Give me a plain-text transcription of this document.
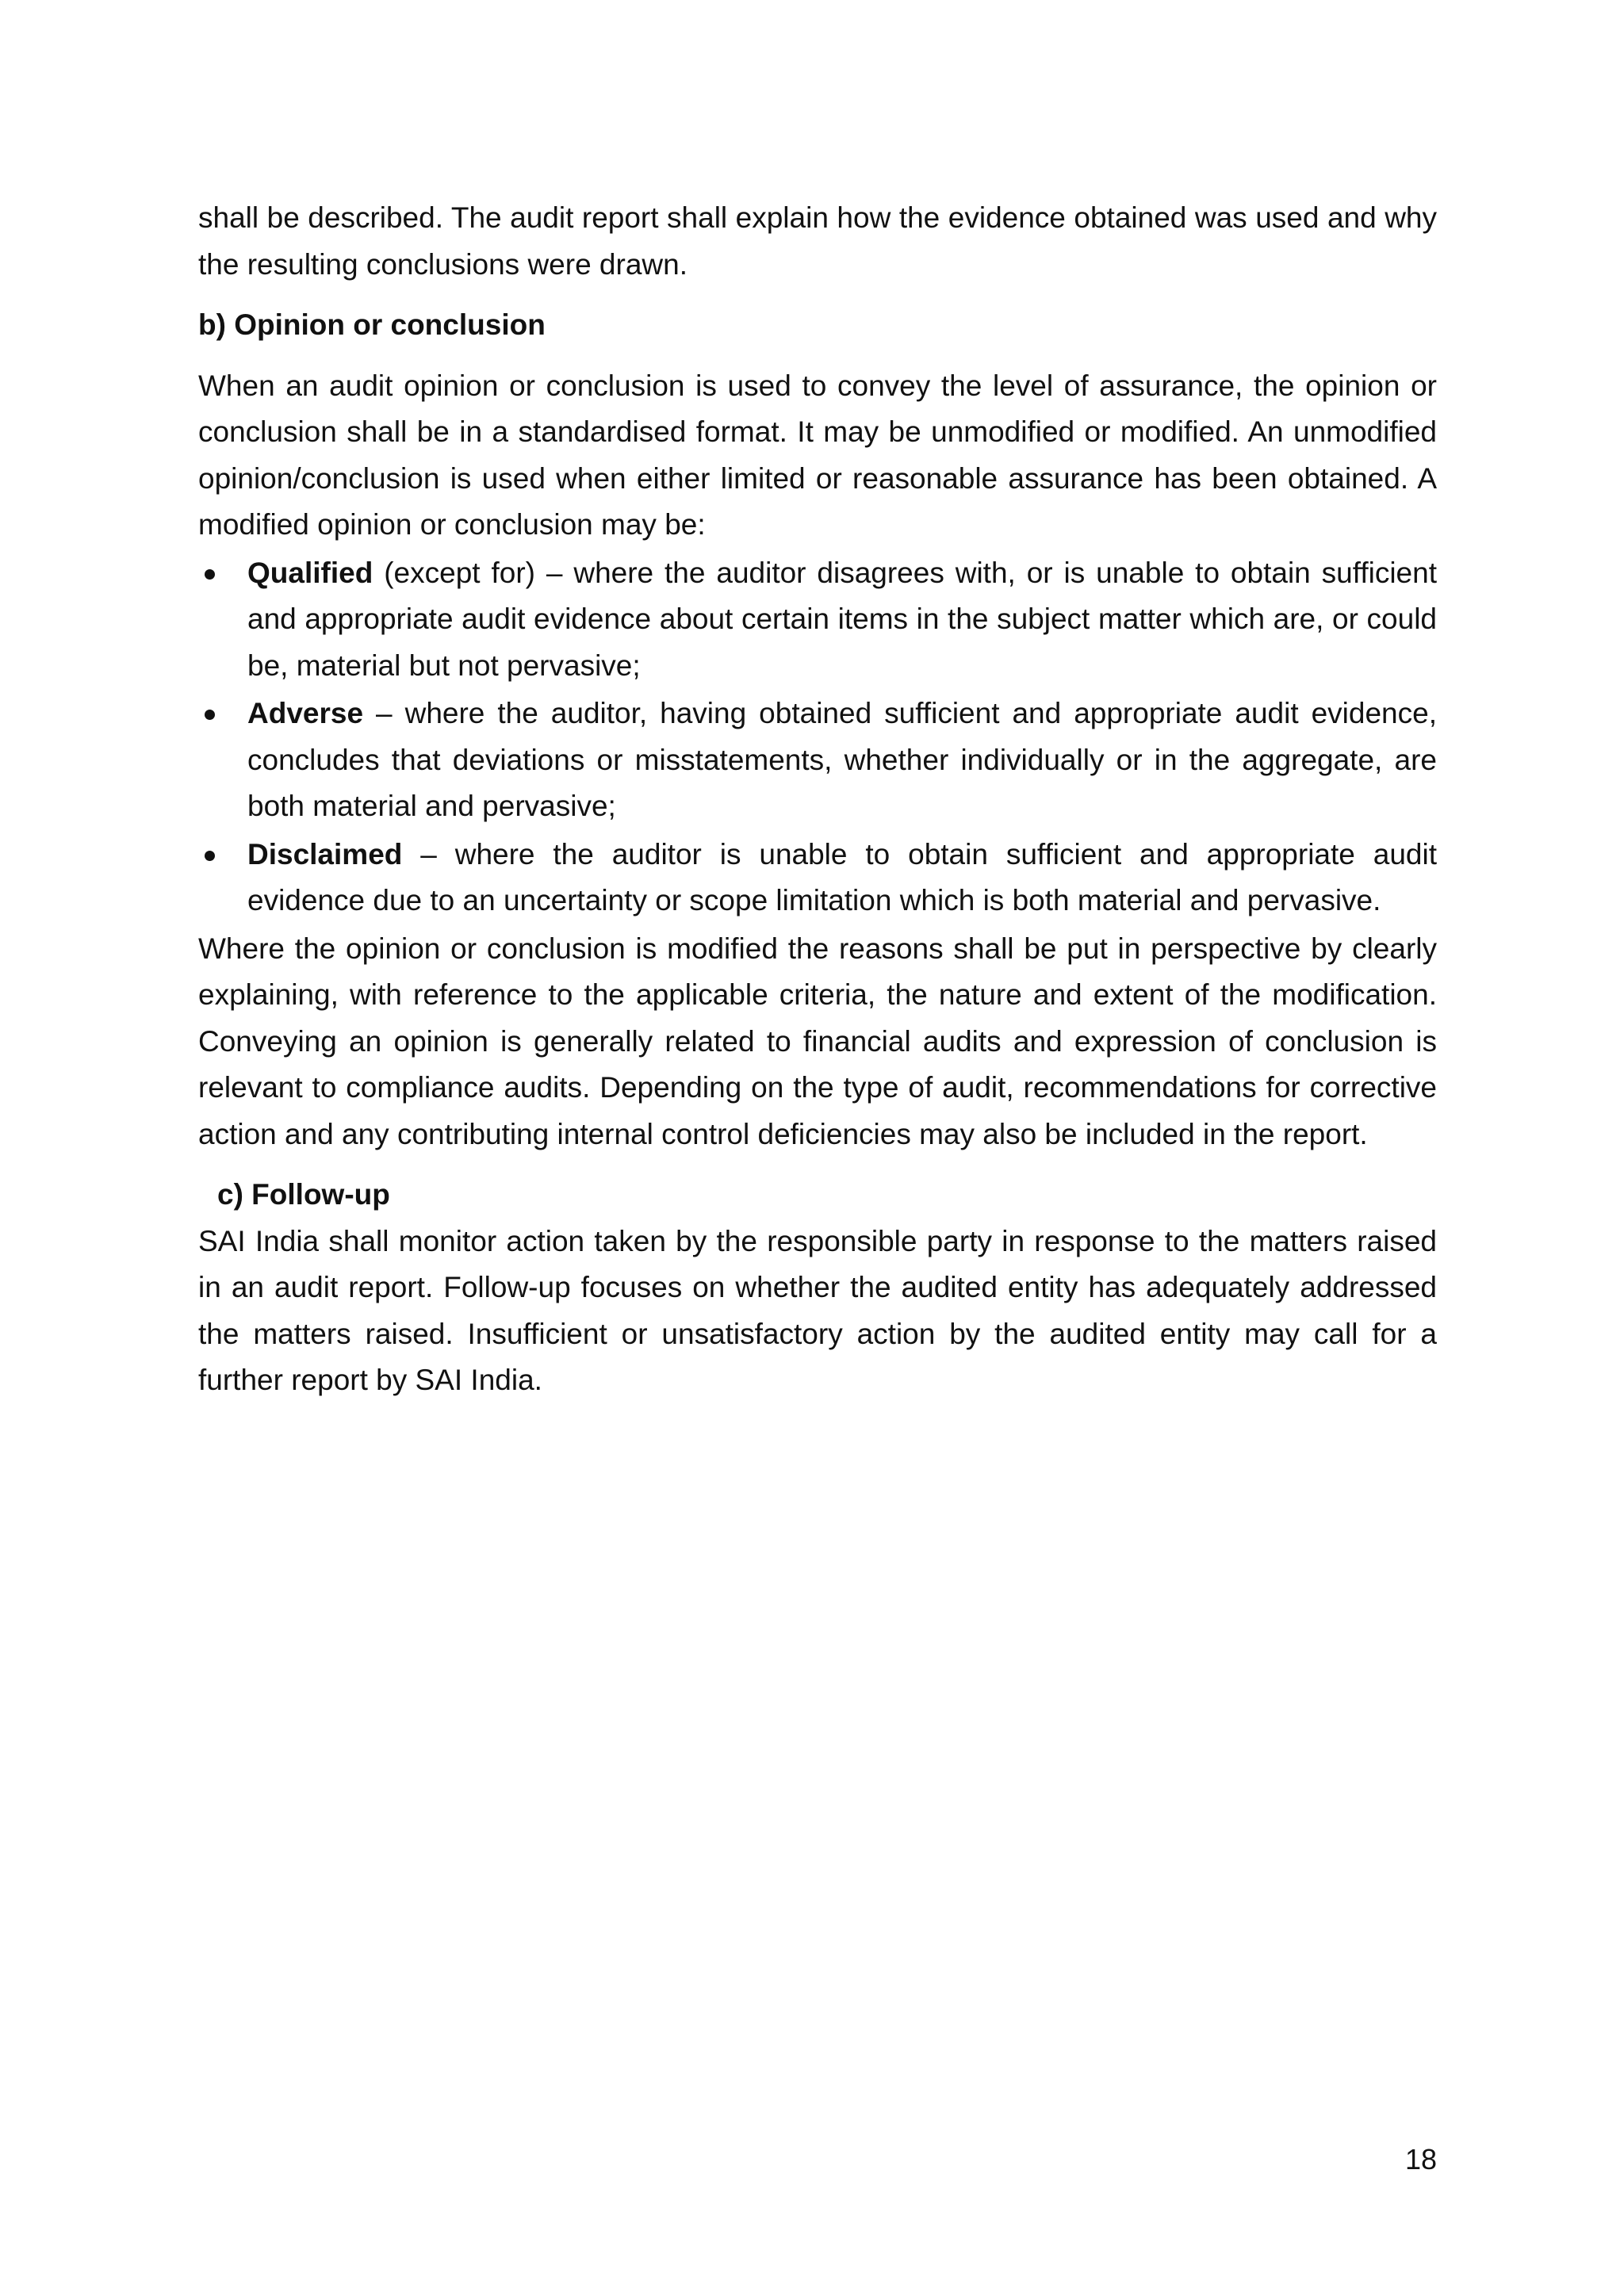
shall be described. The audit report shall explain how the evidence obtained was used and why the resulting conclusions were drawn.

b) Opinion or conclusion

When an audit opinion or conclusion is used to convey the level of assurance, the opinion or conclusion shall be in a standardised format. It may be unmodified or modified. An unmodified opinion/conclusion is used when either limited or reasonable assurance has been obtained. A modified opinion or conclusion may be:

Qualified (except for) – where the auditor disagrees with, or is unable to obtain sufficient and appropriate audit evidence about certain items in the subject matter which are, or could be, material but not pervasive;
Adverse – where the auditor, having obtained sufficient and appropriate audit evidence, concludes that deviations or misstatements, whether individually or in the aggregate, are both material and pervasive;
Disclaimed – where the auditor is unable to obtain sufficient and appropriate audit evidence due to an uncertainty or scope limitation which is both material and pervasive.

Where the opinion or conclusion is modified the reasons shall be put in perspective by clearly explaining, with reference to the applicable criteria, the nature and extent of the modification. Conveying an opinion is generally related to financial audits and expression of conclusion is relevant to compliance audits. Depending on the type of audit, recommendations for corrective action and any contributing internal control deficiencies may also be included in the report.

c) Follow-up

SAI India shall monitor action taken by the responsible party in response to the matters raised in an audit report. Follow-up focuses on whether the audited entity has adequately addressed the matters raised. Insufficient or unsatisfactory action by the audited entity may call for a further report by SAI India.

18
